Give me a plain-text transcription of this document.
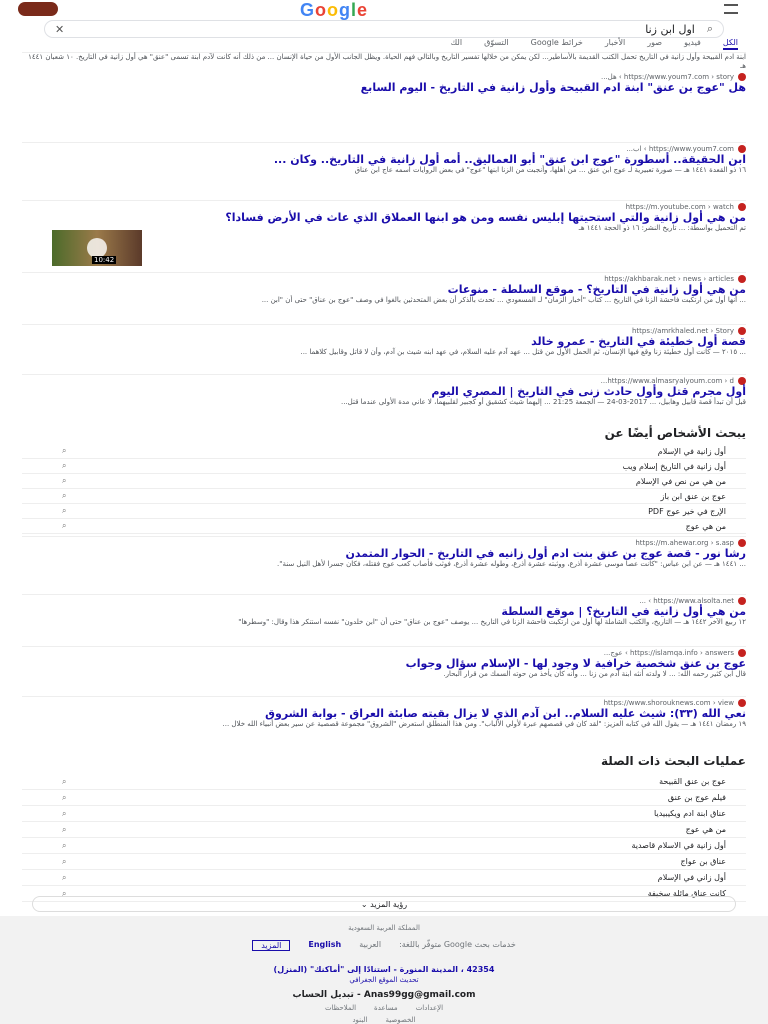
Google
⌕
اول ابن زنا
✕
الكل
فيديو
صور
الأخبار
خرائط Google
التسوّق
الك
ابنة ادم القبيحة وأول زانية في التاريخ تحمل الكتب القديمة بالأساطير... لكن يمكن من خلالها تفسير التاريخ وبالتالي فهم الحياة. ويظل الجانب الأول من حياة الإنسان ... من ذلك أنه كانت لآدم ابنة تسمى "عنق" هي أول زانية في التاريخ. ١٠ شعبان ١٤٤١ هـ
https://www.youm7.com › story › هل...
هل "عوج بن عنق" ابنة ادم القبيحة وأول زانية في التاريخ - اليوم السابع
https://www.youm7.com › اب...
ابن الحقيقة.. أسطورة "عوج ابن عنق" أبو العماليق.. أمه أول زانية في التاريخ.. وكان ...
١٦ ذو القعدة ١٤٤١ هـ — صورة تعبيرية لـ عوج ابن عنق ... من أهلها، وأنجبت من الزنا ابنها "عوج" في بعض الروايات اسمه عاج ابن عناق
https://m.youtube.com › watch
من هي أول زانية والتي استحيتها إبليس نفسه ومن هو ابنها العملاق الذي عاث في الأرض فسادا؟
تم التحميل بواسطة: ... تاريخ النشر: ١٦ ذو الحجة ١٤٤١ هـ
10:42
https://akhbarak.net › news › articles
من هي أول زانية في التاريخ؟ - موقع السلطة - منوعات
... أنها أول من ارتكبت فاحشة الزنا في التاريخ ... كتاب "أخبار الزمان" لـ المسعودي ... تحدث بالذكر أن بعض المتحدثين بالغوا في وصف "عوج بن عناق" حتى أن "ابن ...
https://amrkhaled.net › Story
قصة أول خطيئة في التاريخ - عمرو خالد
... ٢٠١٥ — كانت أول خطيئة زنا وقع فيها الإنسان، ثم الحمل الأول من قتل ... عهد آدم عليه السلام، في عهد ابنه شيث بن آدم، وأن لا قاتل وقابيل كلاهما ...
https://www.almasryalyoum.com › d...
أول مجرم قتل وأول حادث زنى في التاريخ | المصري اليوم
قبل أن تبدأ قصة قابيل وهابيل، ... 2017-03-24 — الجمعة 21:25 ... إليهما شيث كشقيق أو كجبير لقلبيهما، لا عاني مدة الأولى عندما قتل...
يبحث الأشخاص أيضًا عن
أول زانية في الإسلام
⌕
أول زانية في التاريخ إسلام ويب
⌕
من هي من نص في الإسلام
⌕
عوج بن عنق ابن باز
⌕
الإرج في خير عوج PDF
⌕
من هي عوج
⌕
https://m.ahewar.org › s.asp
رشا نور - قصة عوج بن عنق بنت ادم أول زانيه في التاريخ - الحوار المتمدن
... ١٤٤١ هـ — عن ابن عباس: "كانت عصا موسى عشرة أذرع، ووثبته عشرة أذرع، وطوله عشرة أذرع، فوثب فأصاب كعب عوج فقتله، فكان جسرا لأهل النيل سنة".
https://www.alsolta.net › ...
من هي أول زانية في التاريخ؟ | موقع السلطة
١٢ ربيع الآخر ١٤٤٢ هـ — التاريخ، والكتب الشاملة لها أول من ارتكبت فاحشة الزنا في التاريخ ... يوصف "عوج بن عناق" حتى أن "ابن خلدون" نفسه استنكر هذا وقال: "وسطرها"
https://islamqa.info › answers › عوج...
عوج بن عنق شخصية خرافية لا وجود لها - الإسلام سؤال وجواب
قال ابن كثير رحمه الله: ... لا ولدته أنثه ابنة آدم من زنا ... وأنه كان يأخذ من حوته السمك من قرار البحار.
https://www.shorouknews.com › view
نعي الله (٣٣): شيث عليه السلام.. ابن آدم الذي لا يزال بقيته صابئة العراق - بوابة الشروق
١٩ رمضان ١٤٤١ هـ — يقول الله في كتابه العزيز: "لقد كان في قصصهم عبرة لأولي الألباب". ومن هذا المنطلق استعرض "الشروق" مجموعة قصصية عن سير بعض أنبياء الله خلال ...
عمليات البحث ذات الصلة
عوج بن عنق القبيحة
⌕
فيلم عوج بن عنق
⌕
عناق ابنة ادم ويكيبيديا
⌕
من هي عوج
⌕
أول زانية في الاسلام قاصدية
⌕
عناق بن عواج
⌕
أول زاني في الإسلام
⌕
كانت عناق مائلة سخيفة
⌕
رؤية المزيد

⌄
المملكة العربية السعودية
خدمات بحث Google متوفّر باللغة:
العربية
English
المزيد
42354 ، المدينة المنورة - استنادًا إلى "أماكنك" (المنزل)
تحديث الموقع الجغرافي
Anas99gg@gmail.com - تبديل الحساب
الإعدادات
مساعدة
الملاحظات
الخصوصية
البنود
